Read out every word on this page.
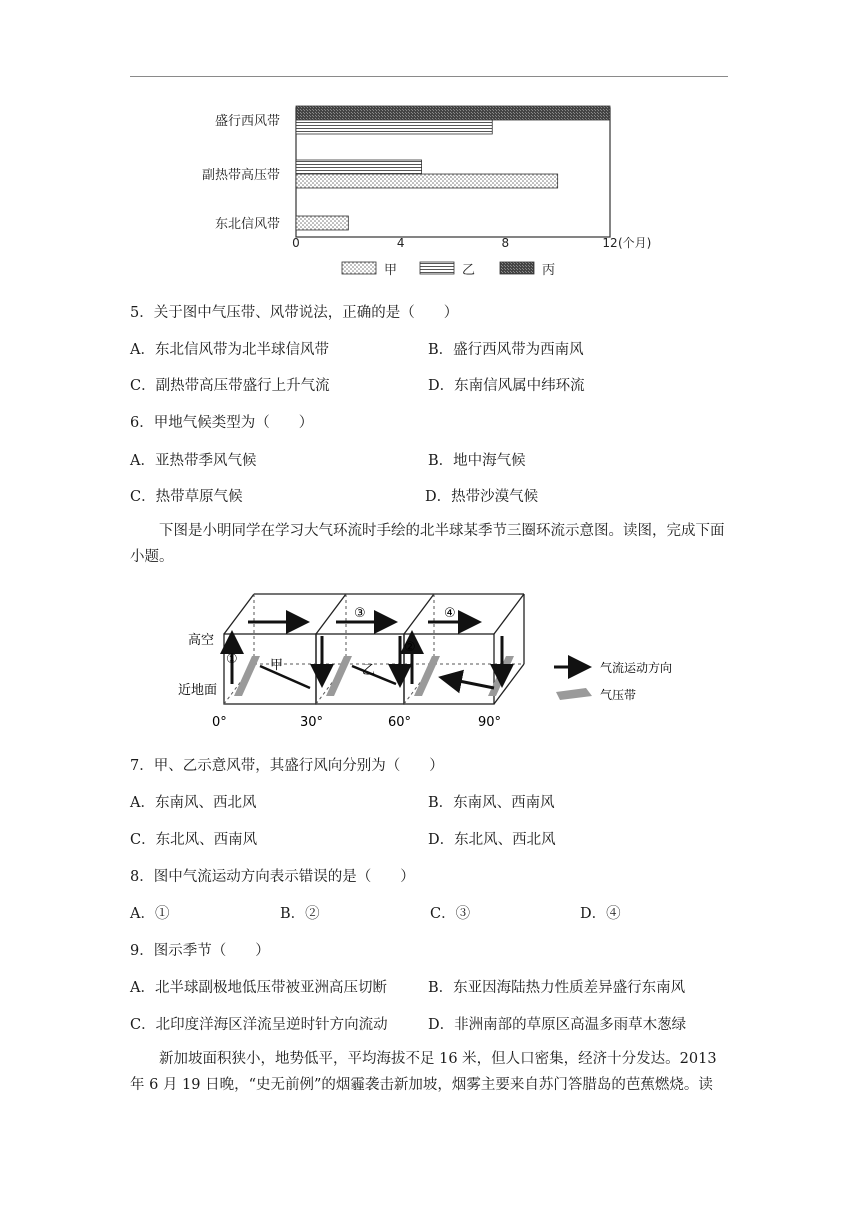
盛行西风带
副热带高压带
东北信风带
0	4	8	12 (个月)
甲	乙	丙
5．关于图中气压带、风带说法，正确的是（　　）
A．东北信风带为北半球信风带	B．盛行西风带为西南风
C．副热带高压带盛行上升气流	D．东南信风属中纬环流
6．甲地气候类型为（　　）
A．亚热带季风气候	B．地中海气候
C．热带草原气候	D．热带沙漠气候

下图是小明同学在学习大气环流时手绘的北半球某季节三圈环流示意图。读图，完成下面小题。

高空
近地面
0°	30°	60°	90°
①
②
③	④
甲	乙	气流运动方向
气压带
7．甲、乙示意风带，其盛行风向分别为（　　）
A．东南风、西北风	B．东南风、西南风
C．东北风、西南风	D．东北风、西北风
8．图中气流运动方向表示错误的是（　　）
A．①	B．②	C．③	D．④
9．图示季节（　　）
A．北半球副极地低压带被亚洲高压切断	B．东亚因海陆热力性质差异盛行东南风
C．北印度洋海区洋流呈逆时针方向流动	D．非洲南部的草原区高温多雨草木葱绿

新加坡面积狭小，地势低平，平均海拔不足 16 米，但人口密集，经济十分发达。2013 年 6 月 19 日晚，“史无前例”的烟霾袭击新加坡，烟雾主要来自苏门答腊岛的芭蕉燃烧。读
